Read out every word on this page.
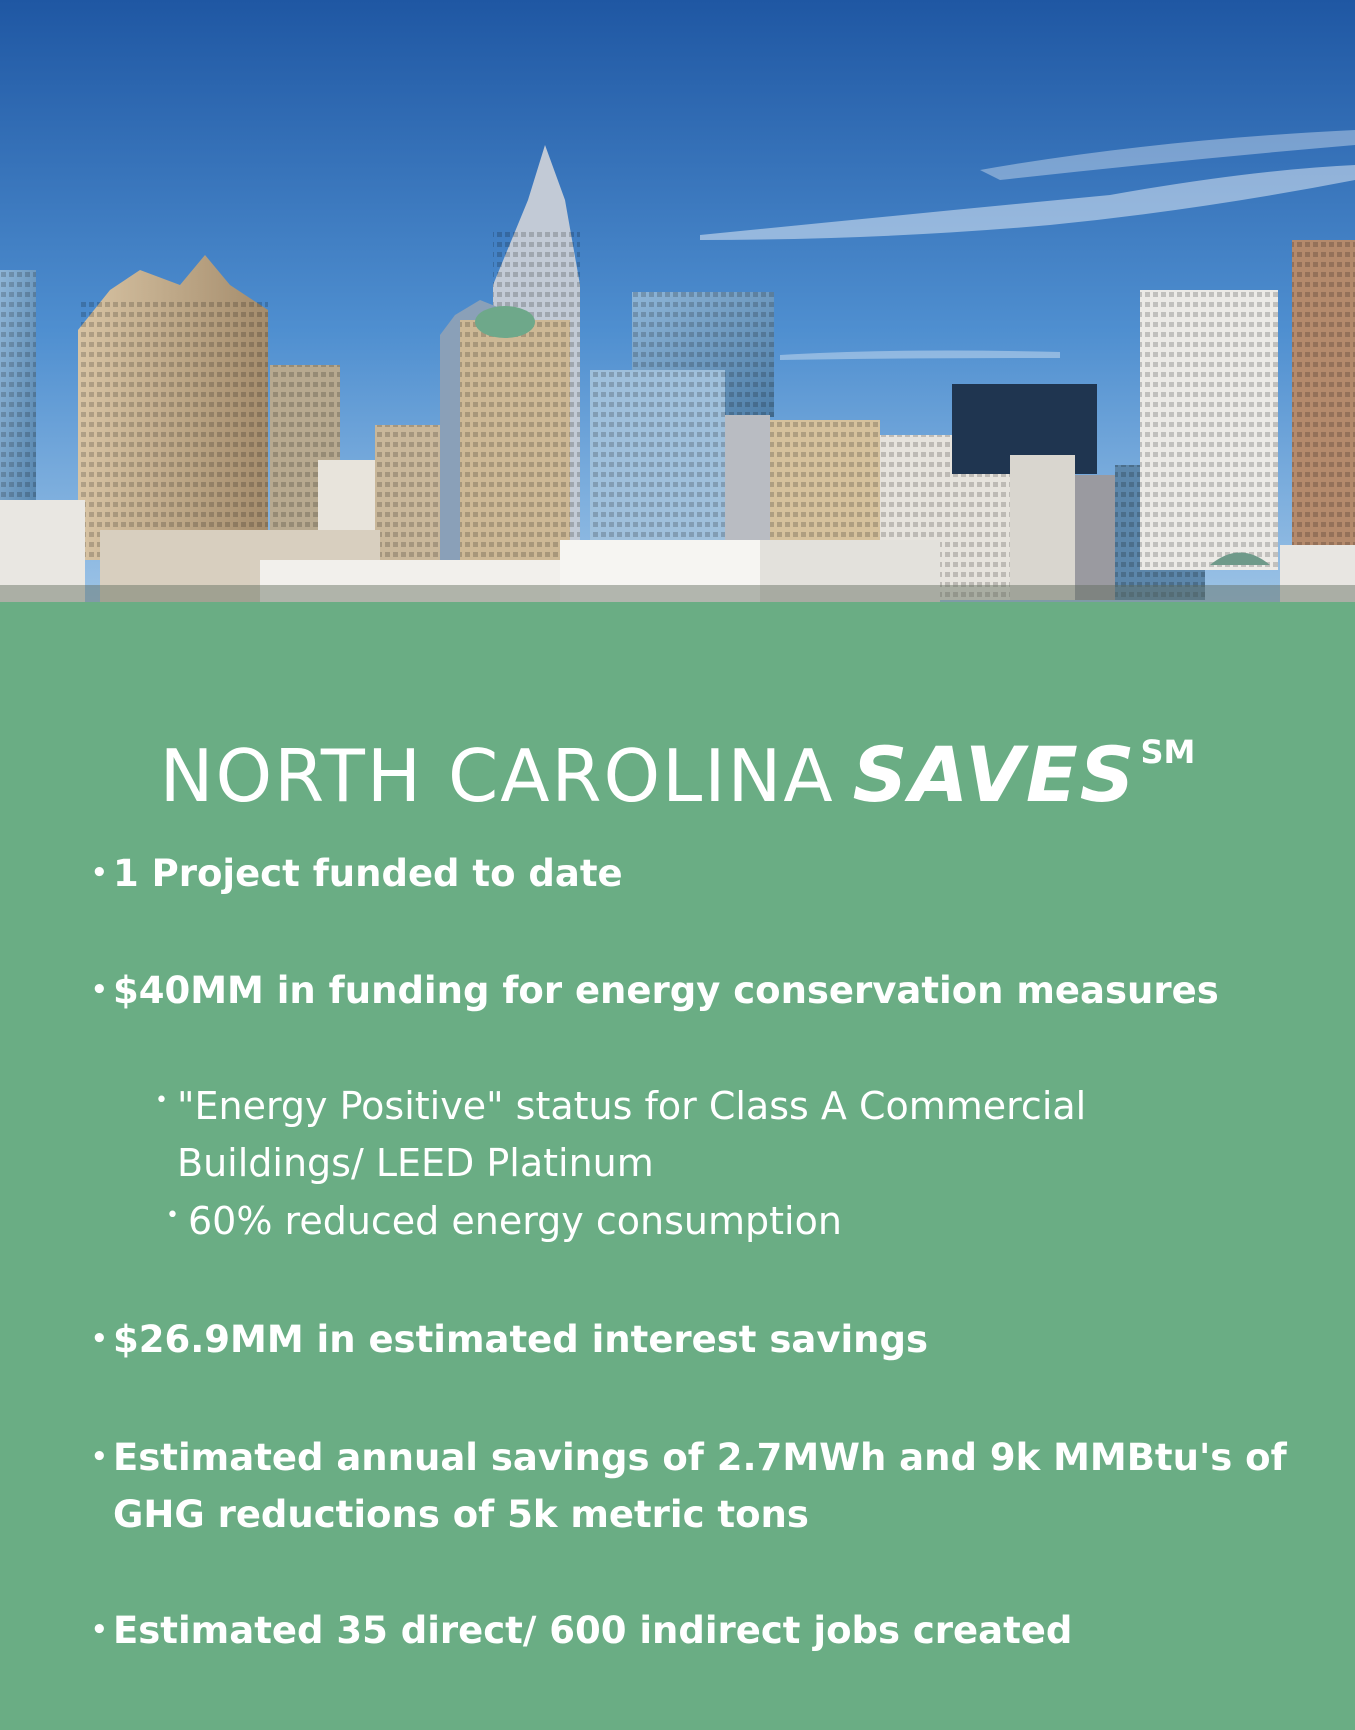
NORTH CAROLINA SAVES SM
• 1 Project funded to date
• $40MM in funding for energy conservation measures
• "Energy Positive" status for Class A Commercial
Buildings/ LEED Platinum
• 60% reduced energy consumption
• $26.9MM in estimated interest savings
• Estimated annual savings of 2.7MWh and 9k MMBtu's of
GHG reductions of 5k metric tons
• Estimated 35 direct/ 600 indirect jobs created
